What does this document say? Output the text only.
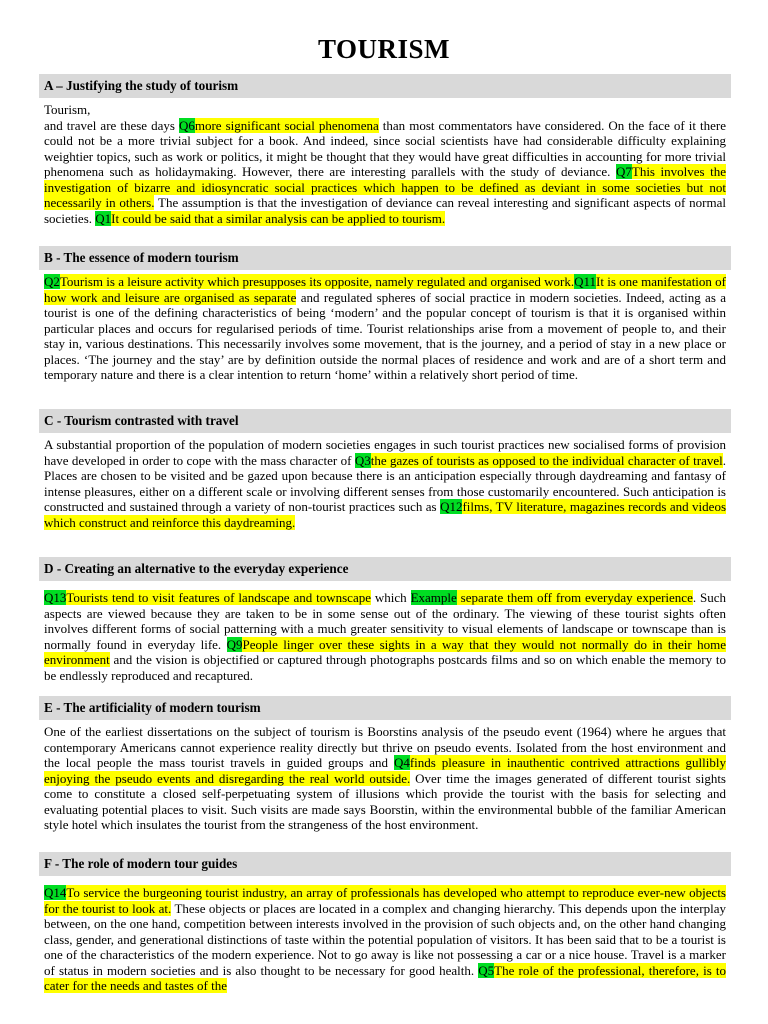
TOURISM
A – Justifying the study of tourism
Tourism,
and travel are these days Q6more significant social phenomena than most commentators have considered. On the face of it there could not be a more trivial subject for a book. And indeed, since social scientists have had considerable difficulty explaining weightier topics, such as work or politics, it might be thought that they would have great difficulties in accounting for more trivial phenomena such as holidaymaking. However, there are interesting parallels with the study of deviance. Q7This involves the investigation of bizarre and idiosyncratic social practices which happen to be defined as deviant in some societies but not necessarily in others. The assumption is that the investigation of deviance can reveal interesting and significant aspects of normal societies. Q1It could be said that a similar analysis can be applied to tourism.
B - The essence of modern tourism
Q2Tourism is a leisure activity which presupposes its opposite, namely regulated and organised work.Q11It is one manifestation of how work and leisure are organised as separate and regulated spheres of social practice in modern societies. Indeed, acting as a tourist is one of the defining characteristics of being ‘modern’ and the popular concept of tourism is that it is organised within particular places and occurs for regularised periods of time. Tourist relationships arise from a movement of people to, and their stay in, various destinations. This necessarily involves some movement, that is the journey, and a period of stay in a new place or places. ‘The journey and the stay’ are by definition outside the normal places of residence and work and are of a short term and temporary nature and there is a clear intention to return ‘home’ within a relatively short period of time.
C - Tourism contrasted with travel
A substantial proportion of the population of modern societies engages in such tourist practices new socialised forms of provision have developed in order to cope with the mass character of Q3the gazes of tourists as opposed to the individual character of travel. Places are chosen to be visited and be gazed upon because there is an anticipation especially through daydreaming and fantasy of intense pleasures, either on a different scale or involving different senses from those customarily encountered. Such anticipation is constructed and sustained through a variety of non-tourist practices such as Q12films, TV literature, magazines records and videos which construct and reinforce this daydreaming.
D - Creating an alternative to the everyday experience
Q13Tourists tend to visit features of landscape and townscape which Example separate them off from everyday experience. Such aspects are viewed because they are taken to be in some sense out of the ordinary. The viewing of these tourist sights often involves different forms of social patterning with a much greater sensitivity to visual elements of landscape or townscape than is normally found in everyday life. Q9People linger over these sights in a way that they would not normally do in their home environment and the vision is objectified or captured through photographs postcards films and so on which enable the memory to be endlessly reproduced and recaptured.
E - The artificiality of modern tourism
One of the earliest dissertations on the subject of tourism is Boorstins analysis of the pseudo event (1964) where he argues that contemporary Americans cannot experience reality directly but thrive on pseudo events. Isolated from the host environment and the local people the mass tourist travels in guided groups and Q4finds pleasure in inauthentic contrived attractions gullibly enjoying the pseudo events and disregarding the real world outside. Over time the images generated of different tourist sights come to constitute a closed self-perpetuating system of illusions which provide the tourist with the basis for selecting and evaluating potential places to visit. Such visits are made says Boorstin, within the environmental bubble of the familiar American style hotel which insulates the tourist from the strangeness of the host environment.
F - The role of modern tour guides
Q14To service the burgeoning tourist industry, an array of professionals has developed who attempt to reproduce ever-new objects for the tourist to look at. These objects or places are located in a complex and changing hierarchy. This depends upon the interplay between, on the one hand, competition between interests involved in the provision of such objects and, on the other hand changing class, gender, and generational distinctions of taste within the potential population of visitors. It has been said that to be a tourist is one of the characteristics of the modern experience. Not to go away is like not possessing a car or a nice house. Travel is a marker of status in modern societies and is also thought to be necessary for good health. Q5The role of the professional, therefore, is to cater for the needs and tastes of the
